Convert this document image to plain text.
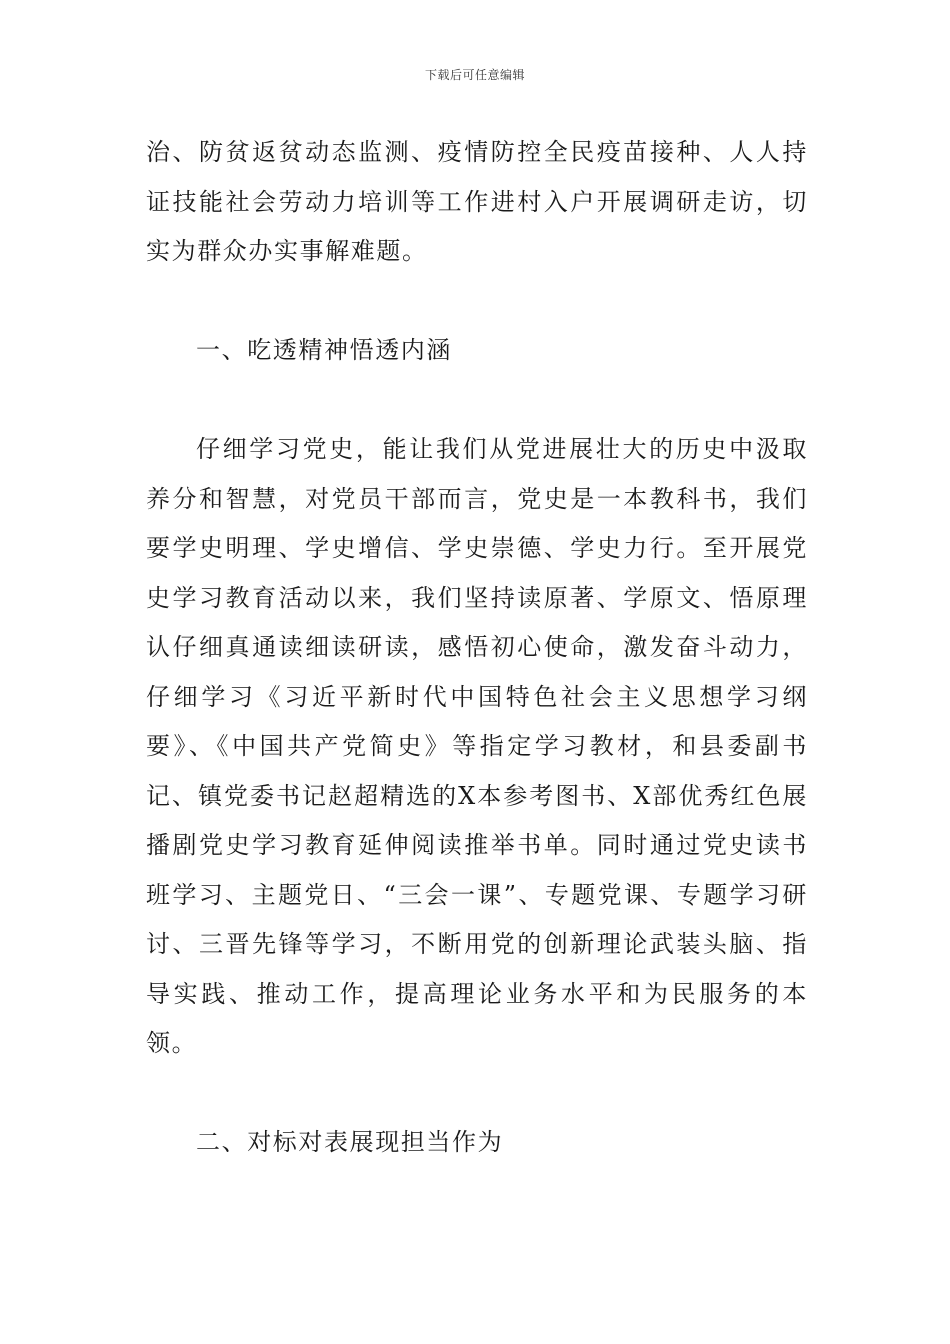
下载后可任意编辑

治、防贫返贫动态监测、疫情防控全民疫苗接种、人人持证技能社会劳动力培训等工作进村入户开展调研走访，切实为群众办实事解难题。

一、吃透精神悟透内涵

仔细学习党史，能让我们从党进展壮大的历史中汲取养分和智慧，对党员干部而言，党史是一本教科书，我们要学史明理、学史增信、学史崇德、学史力行。至开展党史学习教育活动以来，我们坚持读原著、学原文、悟原理认仔细真通读细读研读，感悟初心使命，激发奋斗动力，仔细学习《习近平新时代中国特色社会主义思想学习纲要》、《中国共产党简史》等指定学习教材，和县委副书记、镇党委书记赵超精选的X本参考图书、X部优秀红色展播剧党史学习教育延伸阅读推举书单。同时通过党史读书班学习、主题党日、“三会一课”、专题党课、专题学习研讨、三晋先锋等学习，不断用党的创新理论武装头脑、指导实践、推动工作，提高理论业务水平和为民服务的本领。

二、对标对表展现担当作为
